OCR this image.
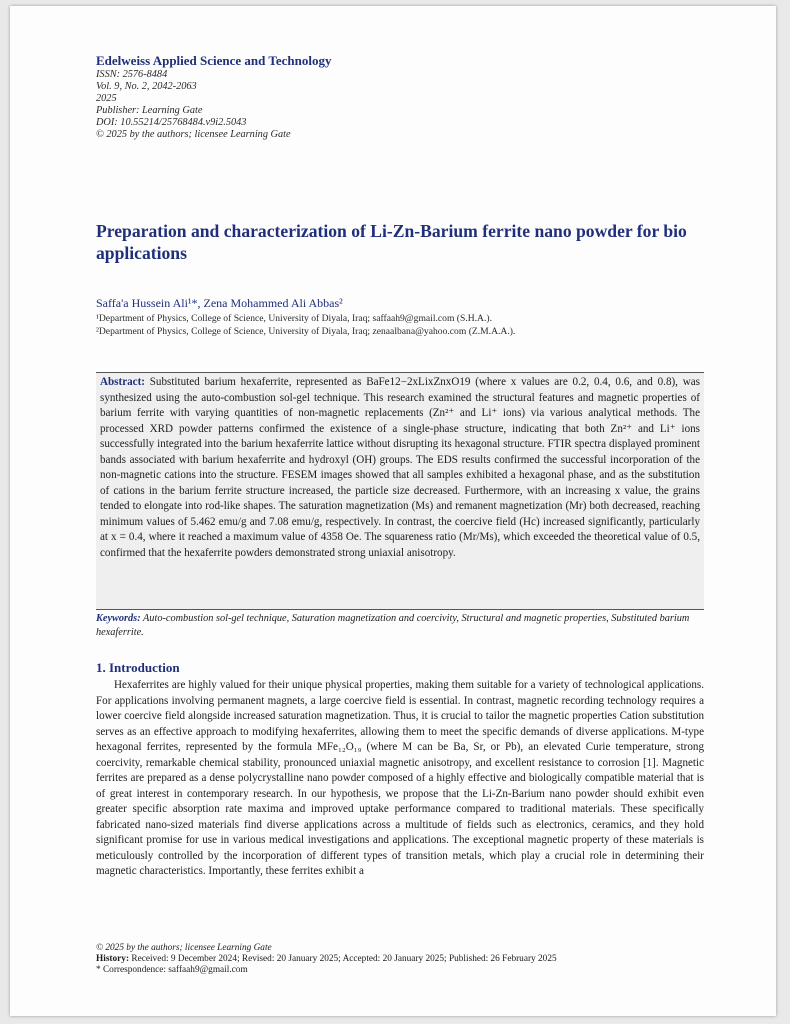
Edelweiss Applied Science and Technology
ISSN: 2576-8484
Vol. 9, No. 2, 2042-2063
2025
Publisher: Learning Gate
DOI: 10.55214/25768484.v9i2.5043
© 2025 by the authors; licensee Learning Gate
Preparation and characterization of Li-Zn-Barium ferrite nano powder for bio applications
Saffa'a Hussein Ali¹*, Zena Mohammed Ali Abbas²
¹Department of Physics, College of Science, University of Diyala, Iraq; saffaah9@gmail.com (S.H.A.).
²Department of Physics, College of Science, University of Diyala, Iraq; zenaalbana@yahoo.com (Z.M.A.A.).
Abstract: Substituted barium hexaferrite, represented as BaFe12−2xLixZnxO19 (where x values are 0.2, 0.4, 0.6, and 0.8), was synthesized using the auto-combustion sol-gel technique. This research examined the structural features and magnetic properties of barium ferrite with varying quantities of non-magnetic replacements (Zn²⁺ and Li⁺ ions) via various analytical methods. The processed XRD powder patterns confirmed the existence of a single-phase structure, indicating that both Zn²⁺ and Li⁺ ions successfully integrated into the barium hexaferrite lattice without disrupting its hexagonal structure. FTIR spectra displayed prominent bands associated with barium hexaferrite and hydroxyl (OH) groups. The EDS results confirmed the successful incorporation of the non-magnetic cations into the structure. FESEM images showed that all samples exhibited a hexagonal phase, and as the substitution of cations in the barium ferrite structure increased, the particle size decreased. Furthermore, with an increasing x value, the grains tended to elongate into rod-like shapes. The saturation magnetization (Ms) and remanent magnetization (Mr) both decreased, reaching minimum values of 5.462 emu/g and 7.08 emu/g, respectively. In contrast, the coercive field (Hc) increased significantly, particularly at x = 0.4, where it reached a maximum value of 4358 Oe. The squareness ratio (Mr/Ms), which exceeded the theoretical value of 0.5, confirmed that the hexaferrite powders demonstrated strong uniaxial anisotropy.
Keywords: Auto-combustion sol-gel technique, Saturation magnetization and coercivity, Structural and magnetic properties, Substituted barium hexaferrite.
1. Introduction
Hexaferrites are highly valued for their unique physical properties, making them suitable for a variety of technological applications. For applications involving permanent magnets, a large coercive field is essential. In contrast, magnetic recording technology requires a lower coercive field alongside increased saturation magnetization. Thus, it is crucial to tailor the magnetic properties Cation substitution serves as an effective approach to modifying hexaferrites, allowing them to meet the specific demands of diverse applications. M-type hexagonal ferrites, represented by the formula MFe₁₂O₁₉ (where M can be Ba, Sr, or Pb), an elevated Curie temperature, strong coercivity, remarkable chemical stability, pronounced uniaxial magnetic anisotropy, and excellent resistance to corrosion [1]. Magnetic ferrites are prepared as a dense polycrystalline nano powder composed of a highly effective and biologically compatible material that is of great interest in contemporary research. In our hypothesis, we propose that the Li-Zn-Barium nano powder should exhibit even greater specific absorption rate maxima and improved uptake performance compared to traditional materials. These specifically fabricated nano-sized materials find diverse applications across a multitude of fields such as electronics, ceramics, and they hold significant promise for use in various medical investigations and applications. The exceptional magnetic property of these materials is meticulously controlled by the incorporation of different types of transition metals, which play a crucial role in determining their magnetic characteristics. Importantly, these ferrites exhibit a
© 2025 by the authors; licensee Learning Gate
History: Received: 9 December 2024; Revised: 20 January 2025; Accepted: 20 January 2025; Published: 26 February 2025
* Correspondence: saffaah9@gmail.com
